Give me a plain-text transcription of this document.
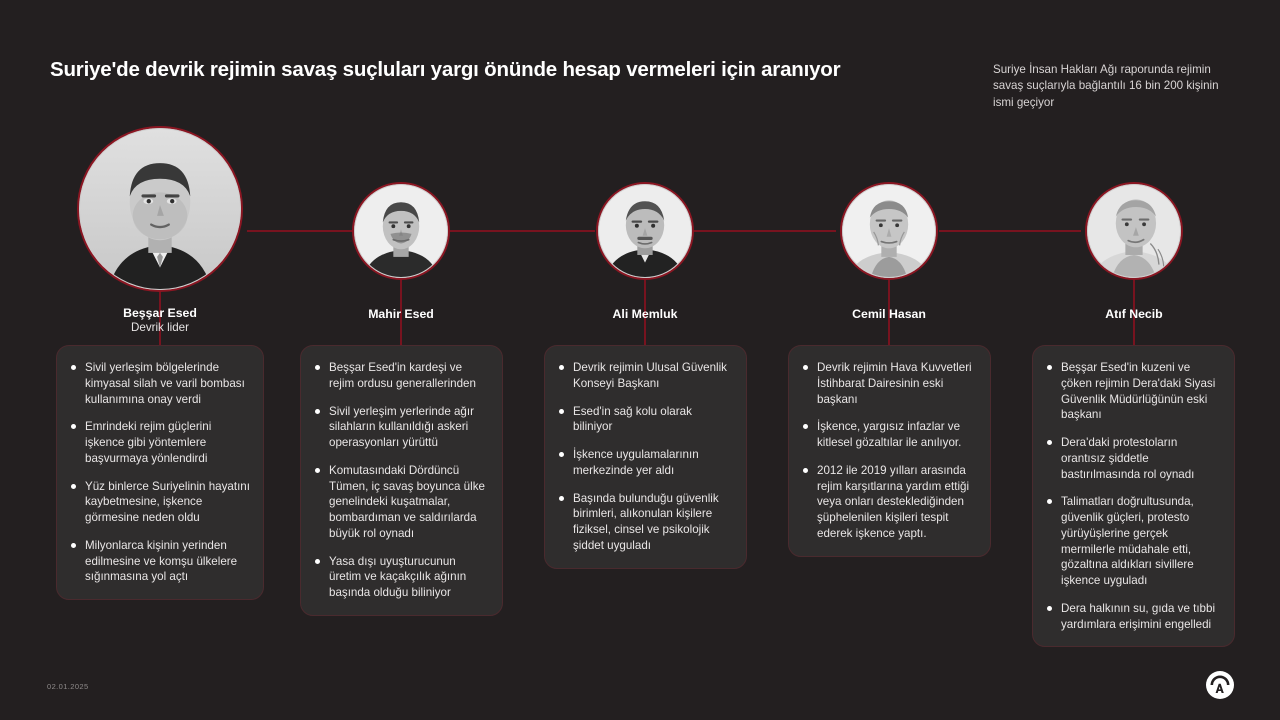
Suriye'de devrik rejimin savaş suçluları yargı önünde hesap vermeleri için aranıyor	Suriye İnsan Hakları Ağı raporunda rejimin savaş suçlarıyla bağlantılı 16 bin 200 kişinin ismi geçiyor
Beşşar Esed
Devrik lider
Sivil yerleşim bölgelerinde kimyasal silah ve varil bombası kullanımına onay verdi
Emrindeki rejim güçlerini işkence gibi yöntemlere başvurmaya yönlendirdi
Yüz binlerce Suriyelinin hayatını kaybetmesine, işkence görmesine neden oldu
Milyonlarca kişinin yerinden edilmesine ve komşu ülkelere sığınmasına yol açtı
Mahir Esed
Beşşar Esed'in kardeşi ve rejim ordusu generallerinden
Sivil yerleşim yerlerinde ağır silahların kullanıldığı askeri operasyonları yürüttü
Komutasındaki Dördüncü Tümen, iç savaş boyunca ülke genelindeki kuşatmalar, bombardıman ve saldırılarda büyük rol oynadı
Yasa dışı uyuşturucunun üretim ve kaçakçılık ağının başında olduğu biliniyor
Ali Memluk
Devrik rejimin Ulusal Güvenlik Konseyi Başkanı
Esed'in sağ kolu olarak biliniyor
İşkence uygulamalarının merkezinde yer aldı
Başında bulunduğu güvenlik birimleri, alıkonulan kişilere fiziksel, cinsel ve psikolojik şiddet uyguladı
Cemil Hasan
Devrik rejimin Hava Kuvvetleri İstihbarat Dairesinin eski başkanı
İşkence, yargısız infazlar ve kitlesel gözaltılar ile anılıyor.
2012 ile 2019 yılları arasında rejim karşıtlarına yardım ettiği veya onları desteklediğinden şüphelenilen kişileri tespit ederek işkence yaptı.
Atıf Necib
Beşşar Esed'in kuzeni ve çöken rejimin Dera'daki Siyasi Güvenlik Müdürlüğünün eski başkanı
Dera'daki protestoların orantısız şiddetle bastırılmasında rol oynadı
Talimatları doğrultusunda, güvenlik güçleri, protesto yürüyüşlerine gerçek mermilerle müdahale etti, gözaltına aldıkları sivillere işkence uyguladı
Dera halkının su, gıda ve tıbbi yardımlara erişimini engelledi
02.01.2025
